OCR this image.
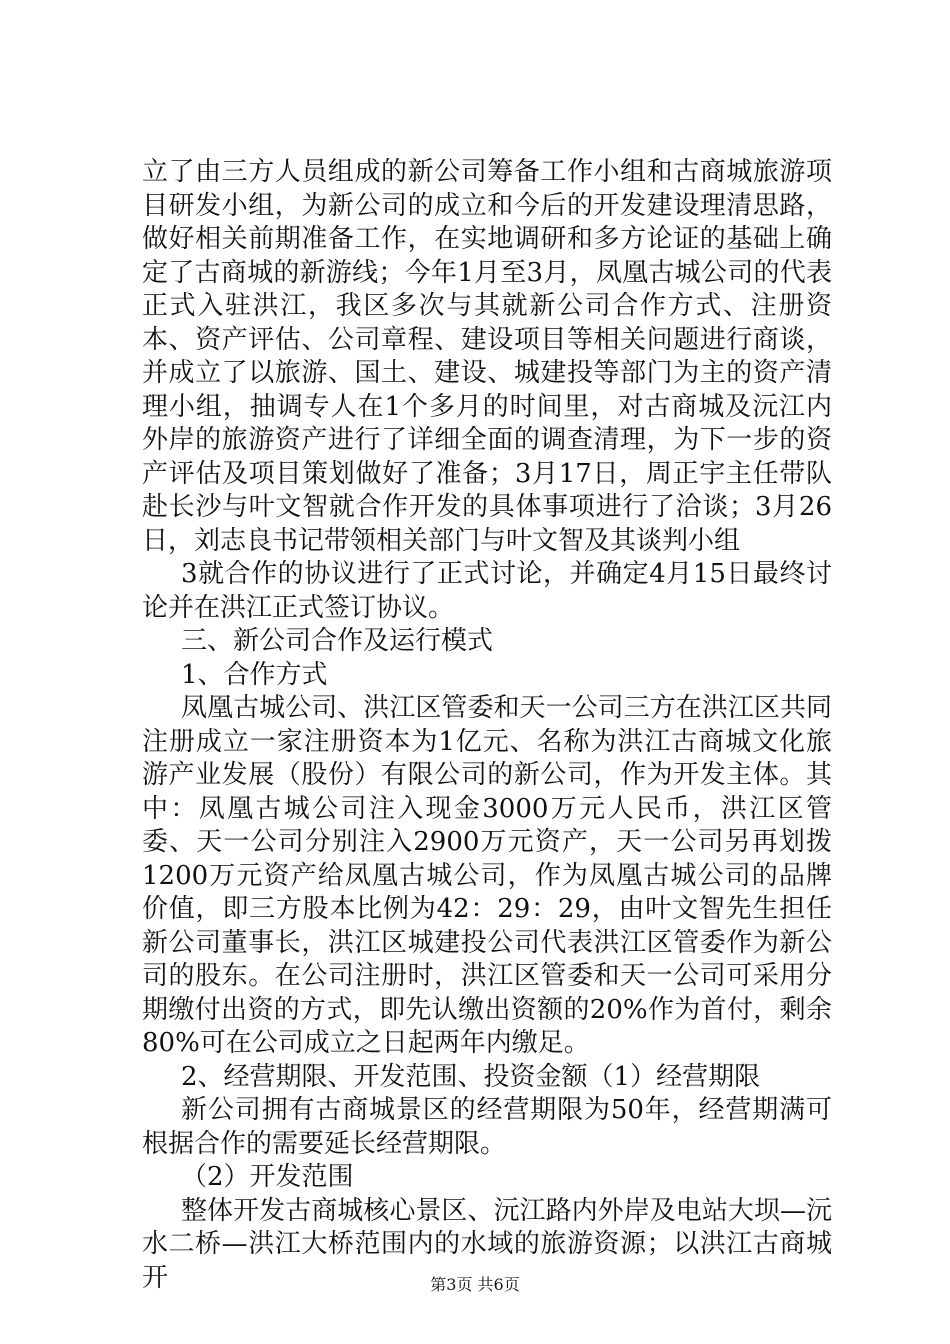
立了由三方人员组成的新公司筹备工作小组和古商城旅游项目研发小组，为新公司的成立和今后的开发建设理清思路，做好相关前期准备工作，在实地调研和多方论证的基础上确定了古商城的新游线；今年1月至3月，凤凰古城公司的代表正式入驻洪江，我区多次与其就新公司合作方式、注册资本、资产评估、公司章程、建设项目等相关问题进行商谈，并成立了以旅游、国土、建设、城建投等部门为主的资产清理小组，抽调专人在1个多月的时间里，对古商城及沅江内外岸的旅游资产进行了详细全面的调查清理，为下一步的资产评估及项目策划做好了准备；3月17日，周正宇主任带队赴长沙与叶文智就合作开发的具体事项进行了洽谈；3月26日，刘志良书记带领相关部门与叶文智及其谈判小组

3就合作的协议进行了正式讨论，并确定4月15日最终讨论并在洪江正式签订协议。

三、新公司合作及运行模式

1、合作方式

凤凰古城公司、洪江区管委和天一公司三方在洪江区共同注册成立一家注册资本为1亿元、名称为洪江古商城文化旅游产业发展（股份）有限公司的新公司，作为开发主体。其中：凤凰古城公司注入现金3000万元人民币，洪江区管委、天一公司分别注入2900万元资产，天一公司另再划拨1200万元资产给凤凰古城公司，作为凤凰古城公司的品牌价值，即三方股本比例为42：29：29，由叶文智先生担任新公司董事长，洪江区城建投公司代表洪江区管委作为新公司的股东。在公司注册时，洪江区管委和天一公司可采用分期缴付出资的方式，即先认缴出资额的20%作为首付，剩余80%可在公司成立之日起两年内缴足。

2、经营期限、开发范围、投资金额（1）经营期限

新公司拥有古商城景区的经营期限为50年，经营期满可根据合作的需要延长经营期限。

（2）开发范围

整体开发古商城核心景区、沅江路内外岸及电站大坝—沅水二桥—洪江大桥范围内的水域的旅游资源；以洪江古商城开	第3页 共6页
